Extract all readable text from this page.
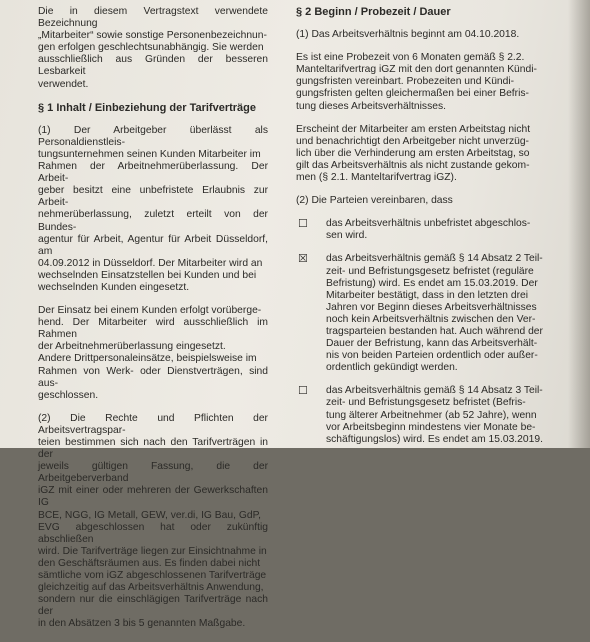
Die in diesem Vertragstext verwendete Bezeichnung
„Mitarbeiter“ sowie sonstige Personenbezeichnun-
gen erfolgen geschlechtsunabhängig. Sie werden
ausschließlich aus Gründen der besseren Lesbarkeit
verwendet.

§ 1 Inhalt / Einbeziehung der Tarifverträge

(1) Der Arbeitgeber überlässt als Personaldienstleis-
tungsunternehmen seinen Kunden Mitarbeiter im
Rahmen der Arbeitnehmerüberlassung. Der Arbeit-
geber besitzt eine unbefristete Erlaubnis zur Arbeit-
nehmerüberlassung, zuletzt erteilt von der Bundes-
agentur für Arbeit, Agentur für Arbeit Düsseldorf, am
04.09.2012 in Düsseldorf. Der Mitarbeiter wird an
wechselnden Einsatzstellen bei Kunden und bei
wechselnden Kunden eingesetzt.

Der Einsatz bei einem Kunden erfolgt vorüberge-
hend. Der Mitarbeiter wird ausschließlich im Rahmen
der Arbeitnehmerüberlassung eingesetzt.
Andere Drittpersonaleinsätze, beispielsweise im
Rahmen von Werk- oder Dienstverträgen, sind aus-
geschlossen.

(2) Die Rechte und Pflichten der Arbeitsvertragspar-
teien bestimmen sich nach den Tarifverträgen in der
jeweils gültigen Fassung, die der Arbeitgeberverband
iGZ mit einer oder mehreren der Gewerkschaften IG
BCE, NGG, IG Metall, GEW, ver.di, IG Bau, GdP,
EVG abgeschlossen hat oder zukünftig abschließen
wird. Die Tarifverträge liegen zur Einsichtnahme in
den Geschäftsräumen aus. Es finden dabei nicht
sämtliche vom iGZ abgeschlossenen Tarifverträge
gleichzeitig auf das Arbeitsverhältnis Anwendung,
sondern nur die einschlägigen Tarifverträge nach der
in den Absätzen 3 bis 5 genannten Maßgabe.

§ 2 Beginn / Probezeit / Dauer

(1) Das Arbeitsverhältnis beginnt am 04.10.2018.

Es ist eine Probezeit von 6 Monaten gemäß § 2.2.
Manteltarifvertrag iGZ mit den dort genannten Kündi-
gungsfristen vereinbart. Probezeiten und Kündi-
gungsfristen gelten gleichermaßen bei einer Befris-
tung dieses Arbeitsverhältnisses.

Erscheint der Mitarbeiter am ersten Arbeitstag nicht
und benachrichtigt den Arbeitgeber nicht unverzüg-
lich über die Verhinderung am ersten Arbeitstag, so
gilt das Arbeitsverhältnis als nicht zustande gekom-
men (§ 2.1. Manteltarifvertrag iGZ).

(2) Die Parteien vereinbaren, dass

☐	das Arbeitsverhältnis unbefristet abgeschlos-
sen wird.
☒	das Arbeitsverhältnis gemäß § 14 Absatz 2 Teil-
zeit- und Befristungsgesetz befristet (reguläre
Befristung) wird. Es endet am 15.03.2019. Der
Mitarbeiter bestätigt, dass in den letzten drei
Jahren vor Beginn dieses Arbeitsverhältnisses
noch kein Arbeitsverhältnis zwischen den Ver-
tragsparteien bestanden hat. Auch während der
Dauer der Befristung, kann das Arbeitsverhält-
nis von beiden Parteien ordentlich oder außer-
ordentlich gekündigt werden.
☐	das Arbeitsverhältnis gemäß § 14 Absatz 3 Teil-
zeit- und Befristungsgesetz befristet (Befris-
tung älterer Arbeitnehmer (ab 52 Jahre), wenn
vor Arbeitsbeginn mindestens vier Monate be-
schäftigungslos) wird. Es endet am 15.03.2019.
